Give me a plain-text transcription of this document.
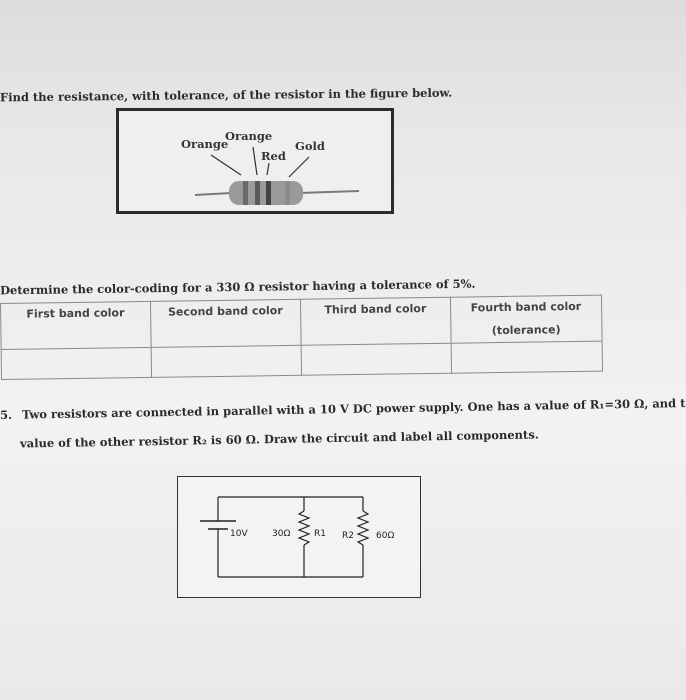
Find the resistance, with tolerance, of the resistor in the figure below.
Orange
Orange
Red
Gold
Determine the color-coding for a 330 Ω resistor having a tolerance of 5%.
First band color	Second band color	Third band color	Fourth band color
(tolerance)

5. Two resistors are connected in parallel with a 10 V DC power supply. One has a value of R₁=30 Ω, and t
value of the other resistor R₂ is 60 Ω. Draw the circuit and label all components.
10V	30Ω	R1 R2 60Ω
